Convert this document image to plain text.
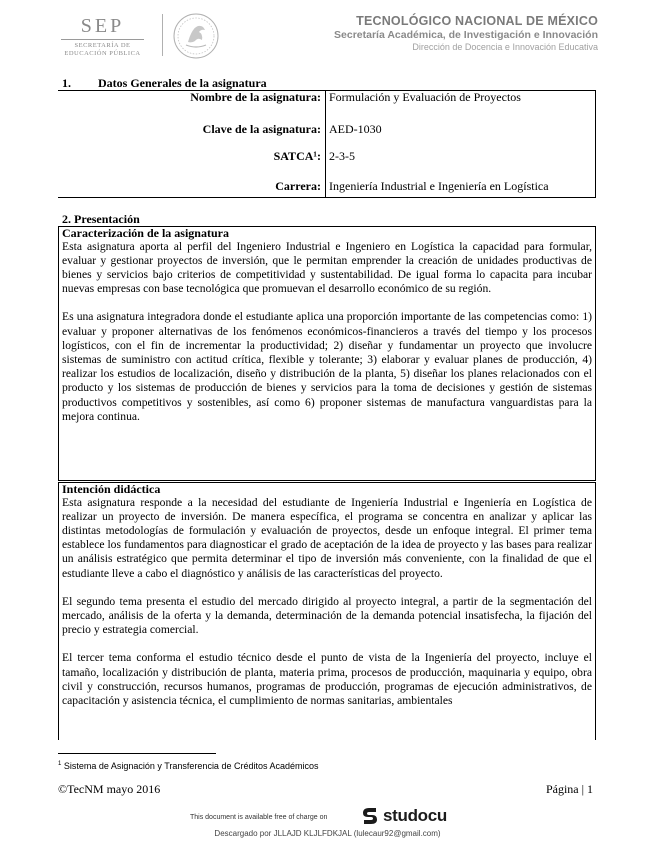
SEP
SECRETARÍA DE
EDUCACIÓN PÚBLICA
TECNOLÓGICO NACIONAL DE MÉXICO
Secretaría Académica, de Investigación e Innovación
Dirección de Docencia e Innovación Educativa
1. Datos Generales de la asignatura
Nombre de la asignatura:	Formulación y Evaluación de Proyectos
Clave de la asignatura:	AED-1030
SATCA¹:	2-3-5
Carrera:	Ingeniería Industrial e Ingeniería en Logística
2. Presentación
Caracterización de la asignatura

Esta asignatura aporta al perfil del Ingeniero Industrial e Ingeniero en Logística la capacidad para formular, evaluar y gestionar proyectos de inversión, que le permitan emprender la creación de unidades productivas de bienes y servicios bajo criterios de competitividad y sustentabilidad. De igual forma lo capacita para incubar nuevas empresas con base tecnológica que promuevan el desarrollo económico de su región.

Es una asignatura integradora donde el estudiante aplica una proporción importante de las competencias como: 1) evaluar y proponer alternativas de los fenómenos económicos-financieros a través del tiempo y los procesos logísticos, con el fin de incrementar la productividad; 2) diseñar y fundamentar un proyecto que involucre sistemas de suministro con actitud crítica, flexible y tolerante; 3) elaborar y evaluar planes de producción, 4) realizar los estudios de localización, diseño y distribución de la planta, 5) diseñar los planes relacionados con el producto y los sistemas de producción de bienes y servicios para la toma de decisiones y gestión de sistemas productivos competitivos y sostenibles, así como 6) proponer sistemas de manufactura vanguardistas para la mejora continua.

Intención didáctica

Esta asignatura responde a la necesidad del estudiante de Ingeniería Industrial e Ingeniería en Logística de realizar un proyecto de inversión. De manera específica, el programa se concentra en analizar y aplicar las distintas metodologías de formulación y evaluación de proyectos, desde un enfoque integral. El primer tema establece los fundamentos para diagnosticar el grado de aceptación de la idea de proyecto y las bases para realizar un análisis estratégico que permita determinar el tipo de inversión más conveniente, con la finalidad de que el estudiante lleve a cabo el diagnóstico y análisis de las características del proyecto.

El segundo tema presenta el estudio del mercado dirigido al proyecto integral, a partir de la segmentación del mercado, análisis de la oferta y la demanda, determinación de la demanda potencial insatisfecha, la fijación del precio y estrategia comercial.

El tercer tema conforma el estudio técnico desde el punto de vista de la Ingeniería del proyecto, incluye el tamaño, localización y distribución de planta, materia prima, procesos de producción, maquinaria y equipo, obra civil y construcción, recursos humanos, programas de producción, programas de ejecución administrativos, de capacitación y asistencia técnica, el cumplimiento de normas sanitarias, ambientales

$^1$ Sistema de Asignación y Transferencia de Créditos Académicos
©TecNM mayo 2016	Página | 1
This document is available free of charge on	studocu
Descargado por JLLAJD KLJLFDKJAL (lulecaur92@gmail.com)
